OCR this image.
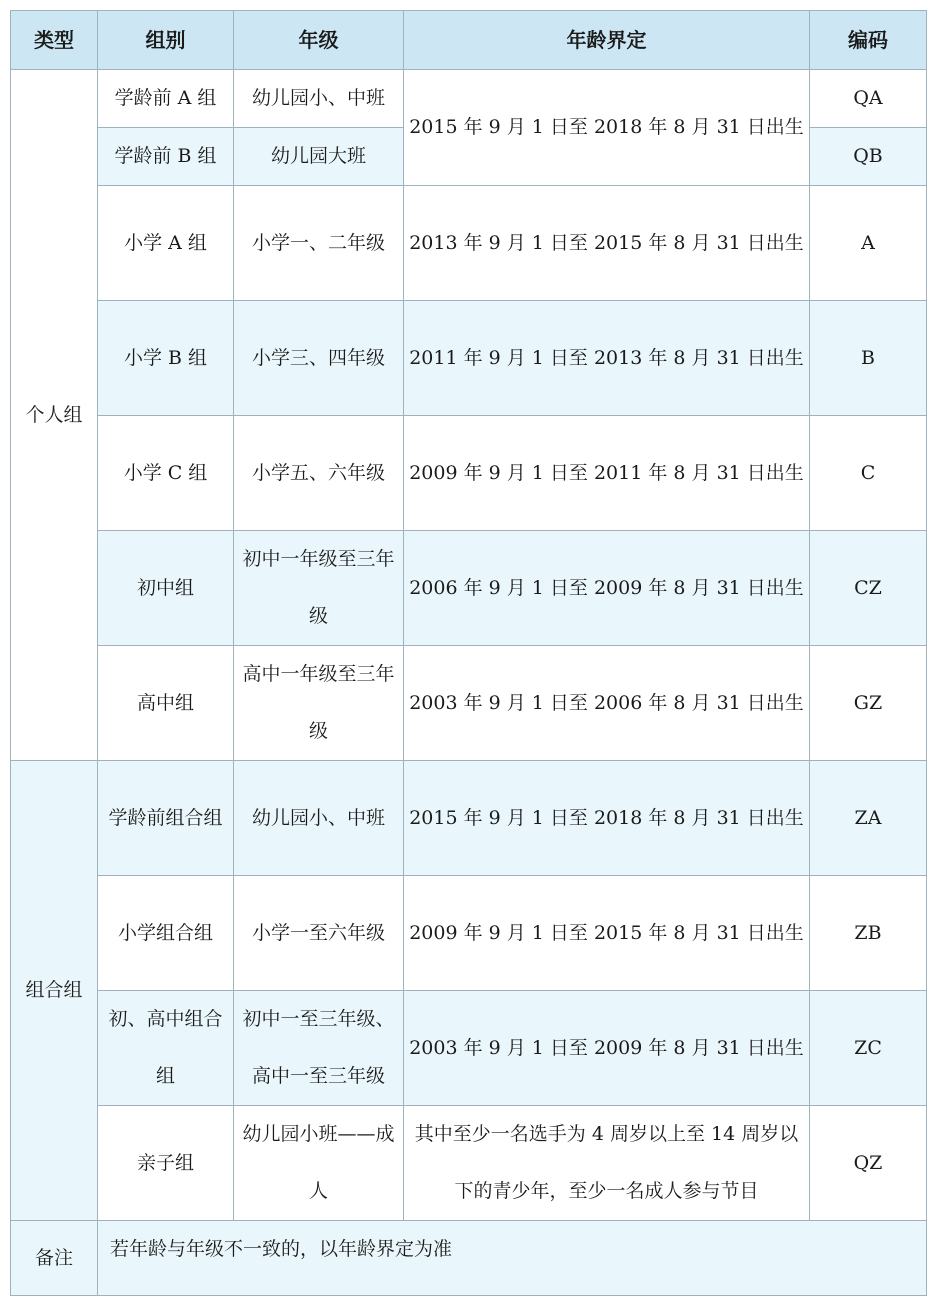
类型	组别	年级	年龄界定	编码
个人组	学龄前 A 组	幼儿园小、中班	2015 年 9 月 1 日至 2018 年 8 月 31 日出生	QA
	学龄前 B 组	幼儿园大班		QB
	小学 A 组	小学一、二年级	2013 年 9 月 1 日至 2015 年 8 月 31 日出生	A
	小学 B 组	小学三、四年级	2011 年 9 月 1 日至 2013 年 8 月 31 日出生	B
	小学 C 组	小学五、六年级	2009 年 9 月 1 日至 2011 年 8 月 31 日出生	C
	初中组	初中一年级至三年级	2006 年 9 月 1 日至 2009 年 8 月 31 日出生	CZ
	高中组	高中一年级至三年级	2003 年 9 月 1 日至 2006 年 8 月 31 日出生	GZ
组合组	学龄前组合组	幼儿园小、中班	2015 年 9 月 1 日至 2018 年 8 月 31 日出生	ZA
	小学组合组	小学一至六年级	2009 年 9 月 1 日至 2015 年 8 月 31 日出生	ZB
	初、高中组合组	初中一至三年级、高中一至三年级	2003 年 9 月 1 日至 2009 年 8 月 31 日出生	ZC
	亲子组	幼儿园小班——成人	其中至少一名选手为 4 周岁以上至 14 周岁以下的青少年，至少一名成人参与节目	QZ
备注	若年龄与年级不一致的，以年龄界定为准			
